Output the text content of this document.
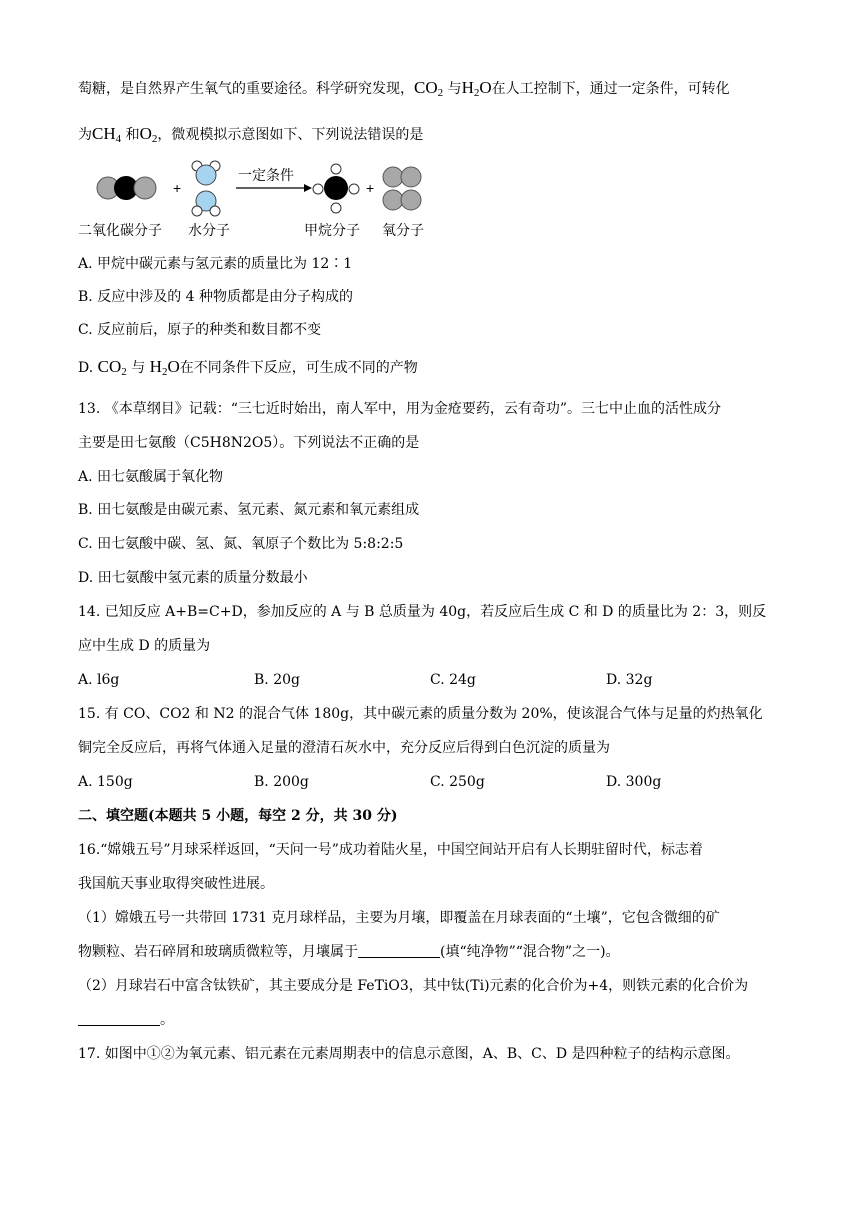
萄糖，是自然界产生氧气的重要途径。科学研究发现，$CO_2$ 与$H_2O$在人工控制下，通过一定条件，可转化
为$CH_4$ 和$O_2$，微观模拟示意图如下、下列说法错误的是
+
一定条件
+
二氧化碳分子 水分子	甲烷分子 氧分子
A. 甲烷中碳元素与氢元素的质量比为 12∶1
B. 反应中涉及的 4 种物质都是由分子构成的
C. 反应前后，原子的种类和数目都不变
D. $CO_2$ 与 $H_2O$在不同条件下反应，可生成不同的产物
13. 《本草纲目》记载：“三七近时始出，南人军中，用为金疮要药，云有奇功”。三七中止血的活性成分
主要是田七氨酸（C5H8N2O5）。下列说法不正确的是
A. 田七氨酸属于氧化物
B. 田七氨酸是由碳元素、氢元素、氮元素和氧元素组成
C. 田七氨酸中碳、氢、氮、氧原子个数比为 5:8:2:5
D. 田七氨酸中氢元素的质量分数最小
14. 已知反应 A+B=C+D，参加反应的 A 与 B 总质量为 40g，若反应后生成 C 和 D 的质量比为 2：3，则反
应中生成 D 的质量为
A. l6g	B. 20g	C. 24g	D. 32g
15. 有 CO、CO2 和 N2 的混合气体 180g，其中碳元素的质量分数为 20%，使该混合气体与足量的灼热氧化
铜完全反应后，再将气体通入足量的澄清石灰水中，充分反应后得到白色沉淀的质量为
A. 150g	B. 200g	C. 250g	D. 300g
二、填空题(本题共 5 小题，每空 2 分，共 30 分)
16.“嫦娥五号”月球采样返回，“天问一号”成功着陆火星，中国空间站开启有人长期驻留时代，标志着
我国航天事业取得突破性进展。
（1）嫦娥五号一共带回 1731 克月球样品，主要为月壤，即覆盖在月球表面的“土壤”，它包含微细的矿
物颗粒、岩石碎屑和玻璃质微粒等，月壤属于	(填“纯净物”“混合物”之一)。
（2）月球岩石中富含钛铁矿，其主要成分是 FeTiO3，其中钛(Ti)元素的化合价为+4，则铁元素的化合价为
。
17. 如图中①②为氧元素、铝元素在元素周期表中的信息示意图，A、B、C、D 是四种粒子的结构示意图。
